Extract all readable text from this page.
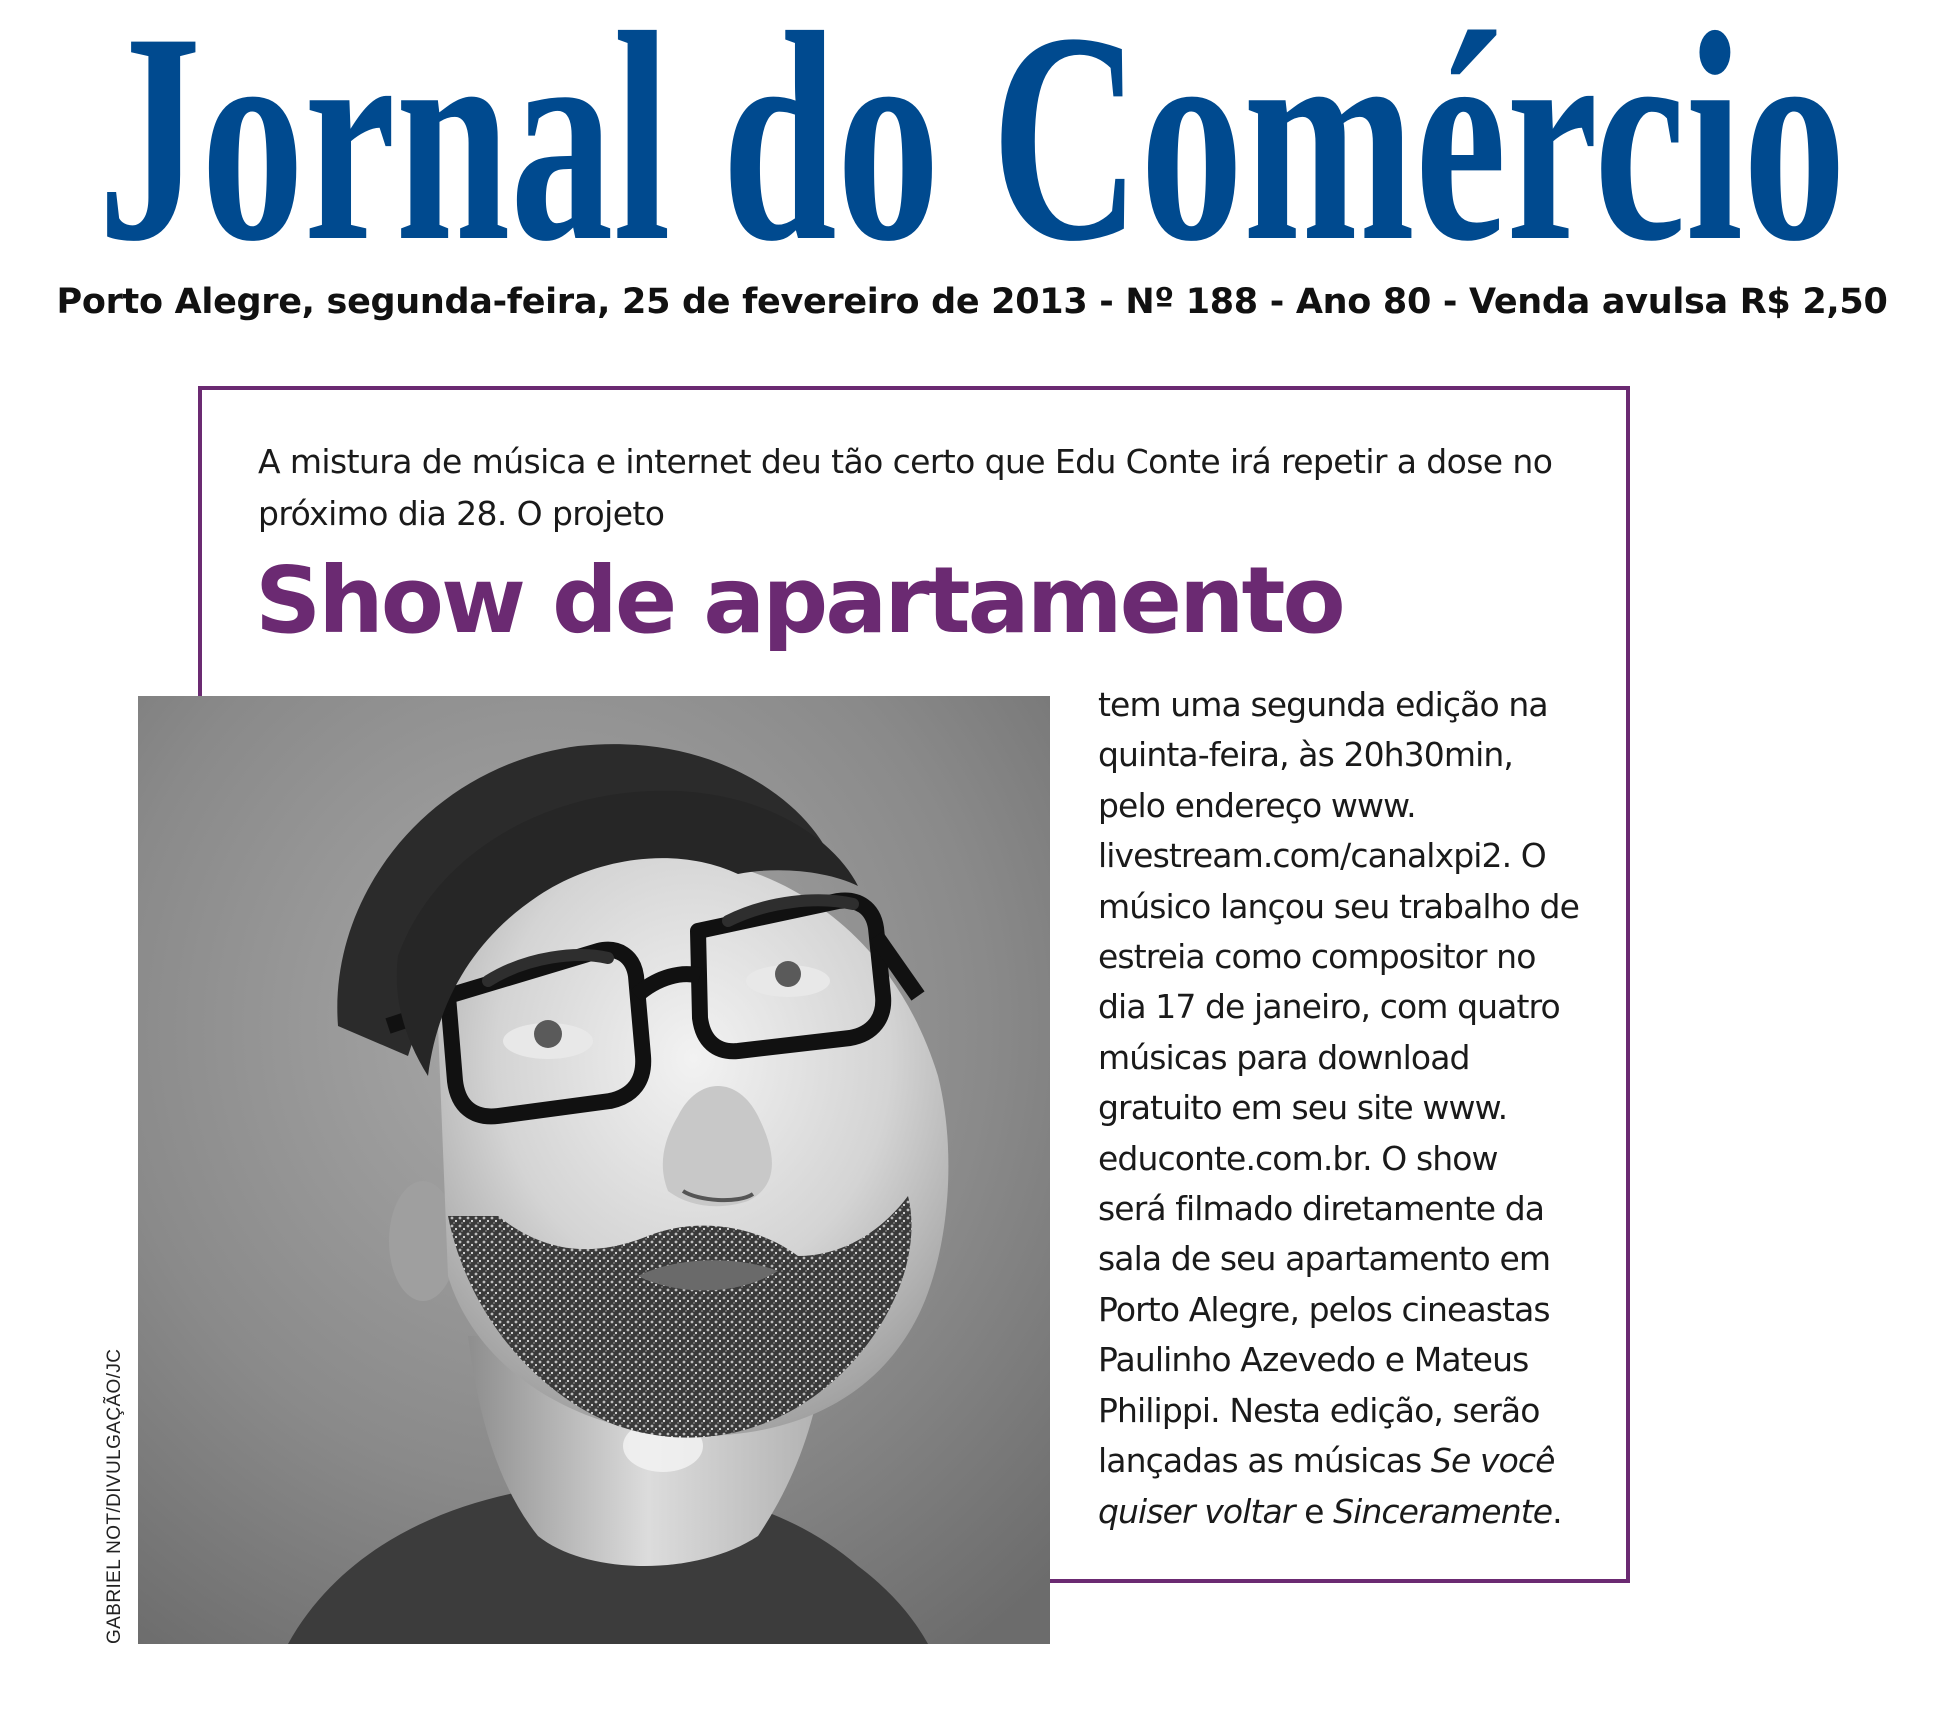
Jornal do Comércio
Porto Alegre, segunda-feira, 25 de fevereiro de 2013 - Nº 188 - Ano 80 - Venda avulsa R$ 2,50

A mistura de música e internet deu tão certo que Edu Conte irá repetir a dose no próximo dia 28. O projeto

Show de apartamento
GABRIEL NOT/DIVULGAÇÃO/JC

tem uma segunda edição na
quinta-feira, às 20h30min,
pelo endereço www.
livestream.com/canalxpi2. O
músico lançou seu trabalho de
estreia como compositor no
dia 17 de janeiro, com quatro
músicas para download
gratuito em seu site www.
educonte.com.br. O show
será filmado diretamente da
sala de seu apartamento em
Porto Alegre, pelos cineastas
Paulinho Azevedo e Mateus
Philippi. Nesta edição, serão
lançadas as músicas Se você
quiser voltar e Sinceramente.
